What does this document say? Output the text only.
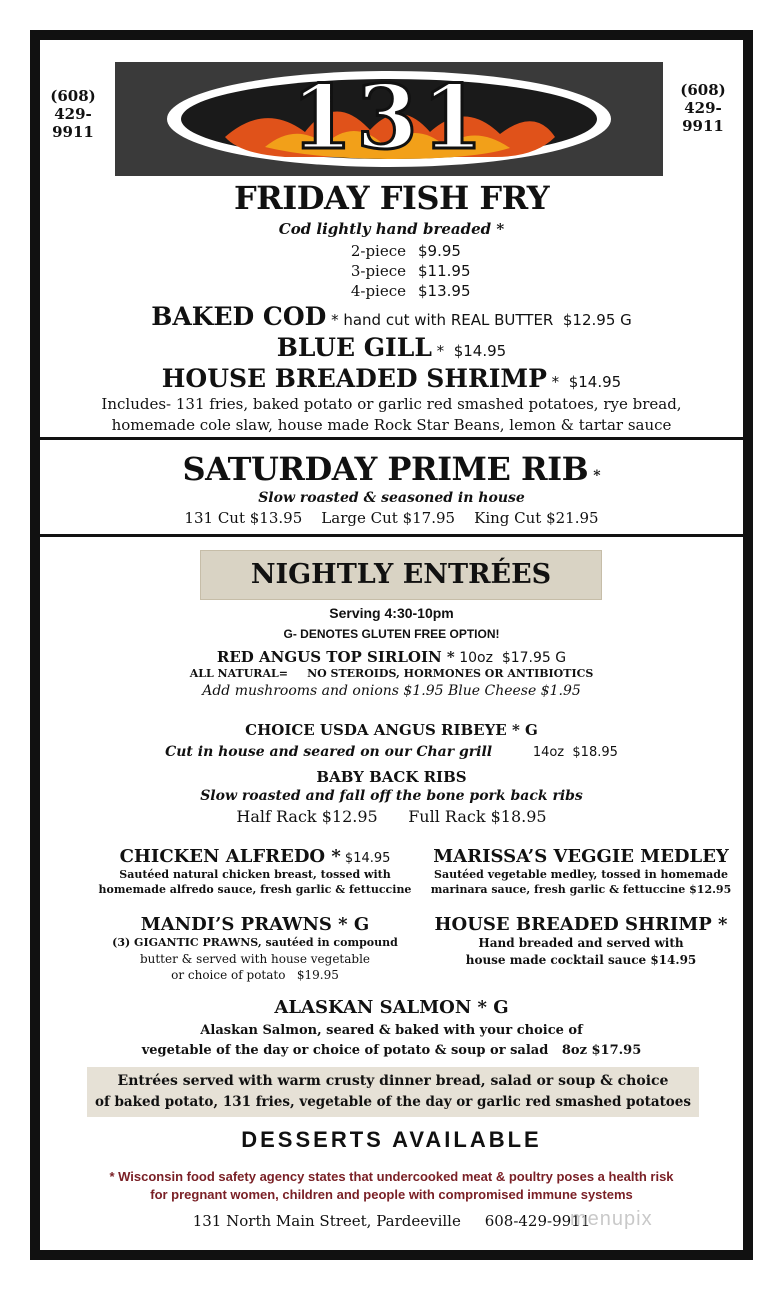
(608)
429-
9911
(608)
429-
9911
131
FRIDAY FISH FRY
Cod lightly hand breaded *
2-piece $9.95
3-piece $11.95
4-piece $13.95
BAKED COD * hand cut with REAL BUTTER  $12.95 G
BLUE GILL *  $14.95
HOUSE BREADED SHRIMP *  $14.95
Includes- 131 fries, baked potato or garlic red smashed potatoes, rye bread,
homemade cole slaw, house made Rock Star Beans, lemon & tartar sauce
SATURDAY PRIME RIB *
Slow roasted & seasoned in house
131 Cut $13.95    Large Cut $17.95    King Cut $21.95
NIGHTLY ENTRÉES
Serving 4:30-10pm
G- DENOTES GLUTEN FREE OPTION!
RED ANGUS TOP SIRLOIN * 10oz  $17.95 G
ALL NATURAL=     NO STEROIDS, HORMONES OR ANTIBIOTICS
Add mushrooms and onions $1.95 Blue Cheese $1.95
CHOICE USDA ANGUS RIBEYE * G
Cut in house and seared on our Char grill	14oz  $18.95
BABY BACK RIBS
Slow roasted and fall off the bone pork back ribs
Half Rack $12.95      Full Rack $18.95
CHICKEN ALFREDO * $14.95
Sautéed natural chicken breast, tossed with
homemade alfredo sauce, fresh garlic & fettuccine
MARISSA’S VEGGIE MEDLEY
Sautéed vegetable medley, tossed in homemade
marinara sauce, fresh garlic & fettuccine $12.95
MANDI’S PRAWNS * G
(3) GIGANTIC PRAWNS, sautéed in compound
butter & served with house vegetable
or choice of potato   $19.95
HOUSE BREADED SHRIMP *
Hand breaded and served with
house made cocktail sauce $14.95
ALASKAN SALMON * G
Alaskan Salmon, seared & baked with your choice of
vegetable of the day or choice of potato & soup or salad   8oz $17.95
Entrées served with warm crusty dinner bread, salad or soup & choice
of baked potato, 131 fries, vegetable of the day or garlic red smashed potatoes
DESSERTS AVAILABLE
* Wisconsin food safety agency states that undercooked meat & poultry poses a health risk
for pregnant women, children and people with compromised immune systems
131 North Main Street, Pardeeville     608-429-9911
menupix
